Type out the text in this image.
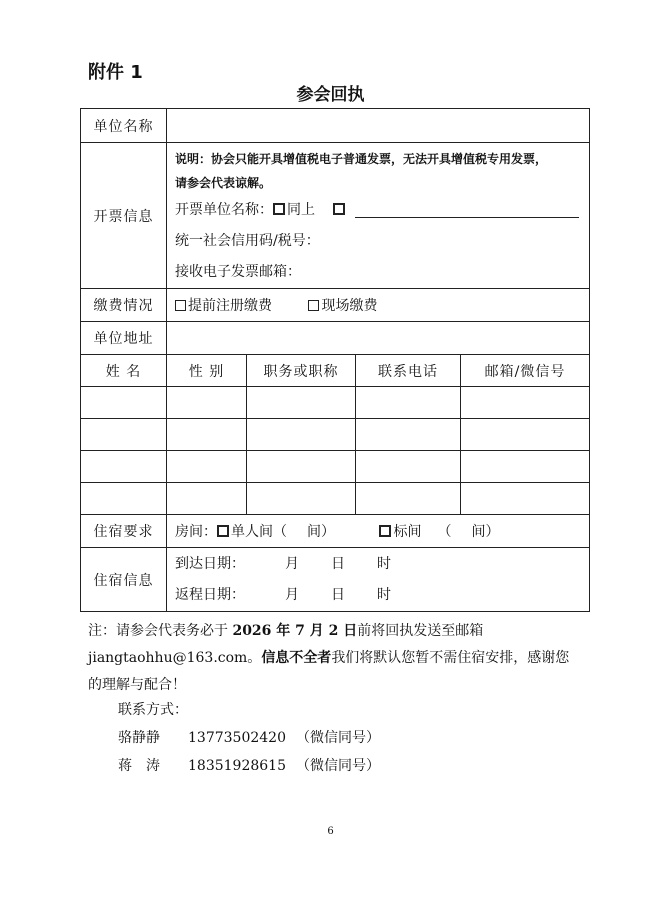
附件 1
参会回执
单位名称				
开票信息	说明：协会只能开具增值税电子普通发票，无法开具增值税专用发票，
请参会代表谅解。
开票单位名称： 同上
统一社会信用码/税号：
接收电子发票邮箱：			

缴费情况	提前注册缴费 现场缴费			
单位地址				
姓 名	性 别	职务或职称	联系电话	邮箱/微信号

住宿要求	房间： 单人间（ 间） 标间 （ 间）			
住宿信息	到达日期： 月 日 时
返程日期： 月 日 时			
注：请参会代表务必于 2026 年 7 月 2 日前将回执发送至邮箱 jiangtaohhu@163.com。信息不全者我们将默认您暂不需住宿安排，感谢您的理解与配合！
联系方式：
骆静静 13773502420 （微信同号）
蒋　涛 18351928615 （微信同号）
6
